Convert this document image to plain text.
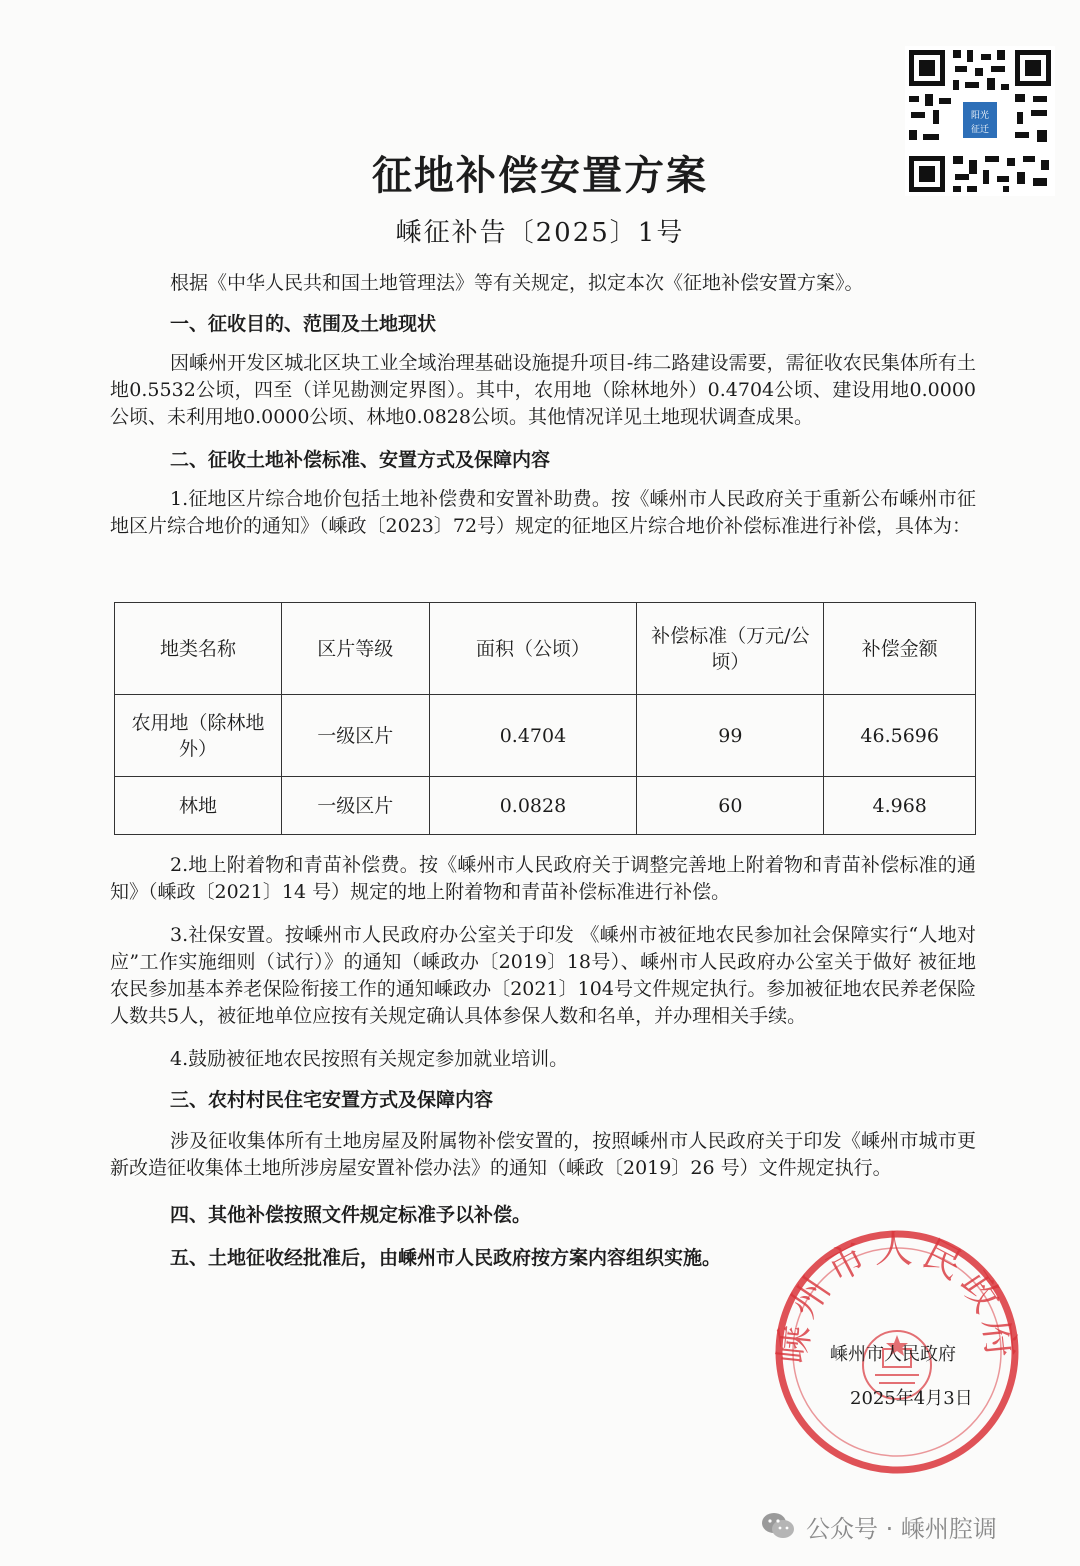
阳光
征迁
征地补偿安置方案
嵊征补告〔2025〕1号

根据《中华人民共和国土地管理法》等有关规定，拟定本次《征地补偿安置方案》。

一、征收目的、范围及土地现状

因嵊州开发区城北区块工业全域治理基础设施提升项目-纬二路建设需要，需征收农民集体所有土地0.5532公顷，四至（详见勘测定界图）。其中，农用地（除林地外）0.4704公顷、建设用地0.0000公顷、未利用地0.0000公顷、林地0.0828公顷。其他情况详见土地现状调查成果。

二、征收土地补偿标准、安置方式及保障内容

1.征地区片综合地价包括土地补偿费和安置补助费。按《嵊州市人民政府关于重新公布嵊州市征地区片综合地价的通知》（嵊政〔2023〕72号）规定的征地区片综合地价补偿标准进行补偿，具体为：

地类名称	区片等级	面积（公顷）	补偿标准（万元/公顷）	补偿金额
农用地（除林地外）	一级区片	0.4704	99	46.5696
林地	一级区片	0.0828	60	4.968

2.地上附着物和青苗补偿费。按《嵊州市人民政府关于调整完善地上附着物和青苗补偿标准的通知》（嵊政〔2021〕14 号）规定的地上附着物和青苗补偿标准进行补偿。

3.社保安置。按嵊州市人民政府办公室关于印发 《嵊州市被征地农民参加社会保障实行“人地对应”工作实施细则（试行）》的通知（嵊政办〔2019〕18号）、嵊州市人民政府办公室关于做好 被征地农民参加基本养老保险衔接工作的通知嵊政办〔2021〕104号文件规定执行。参加被征地农民养老保险人数共5人，被征地单位应按有关规定确认具体参保人数和名单，并办理相关手续。

4.鼓励被征地农民按照有关规定参加就业培训。

三、农村村民住宅安置方式及保障内容

涉及征收集体所有土地房屋及附属物补偿安置的，按照嵊州市人民政府关于印发《嵊州市城市更新改造征收集体土地所涉房屋安置补偿办法》的通知（嵊政〔2019〕26 号）文件规定执行。

四、其他补偿按照文件规定标准予以补偿。

五、土地征收经批准后，由嵊州市人民政府按方案内容组织实施。

嵊州市人民政府
嵊州市人民政府
2025年4月3日
公众号 · 嵊州腔调
